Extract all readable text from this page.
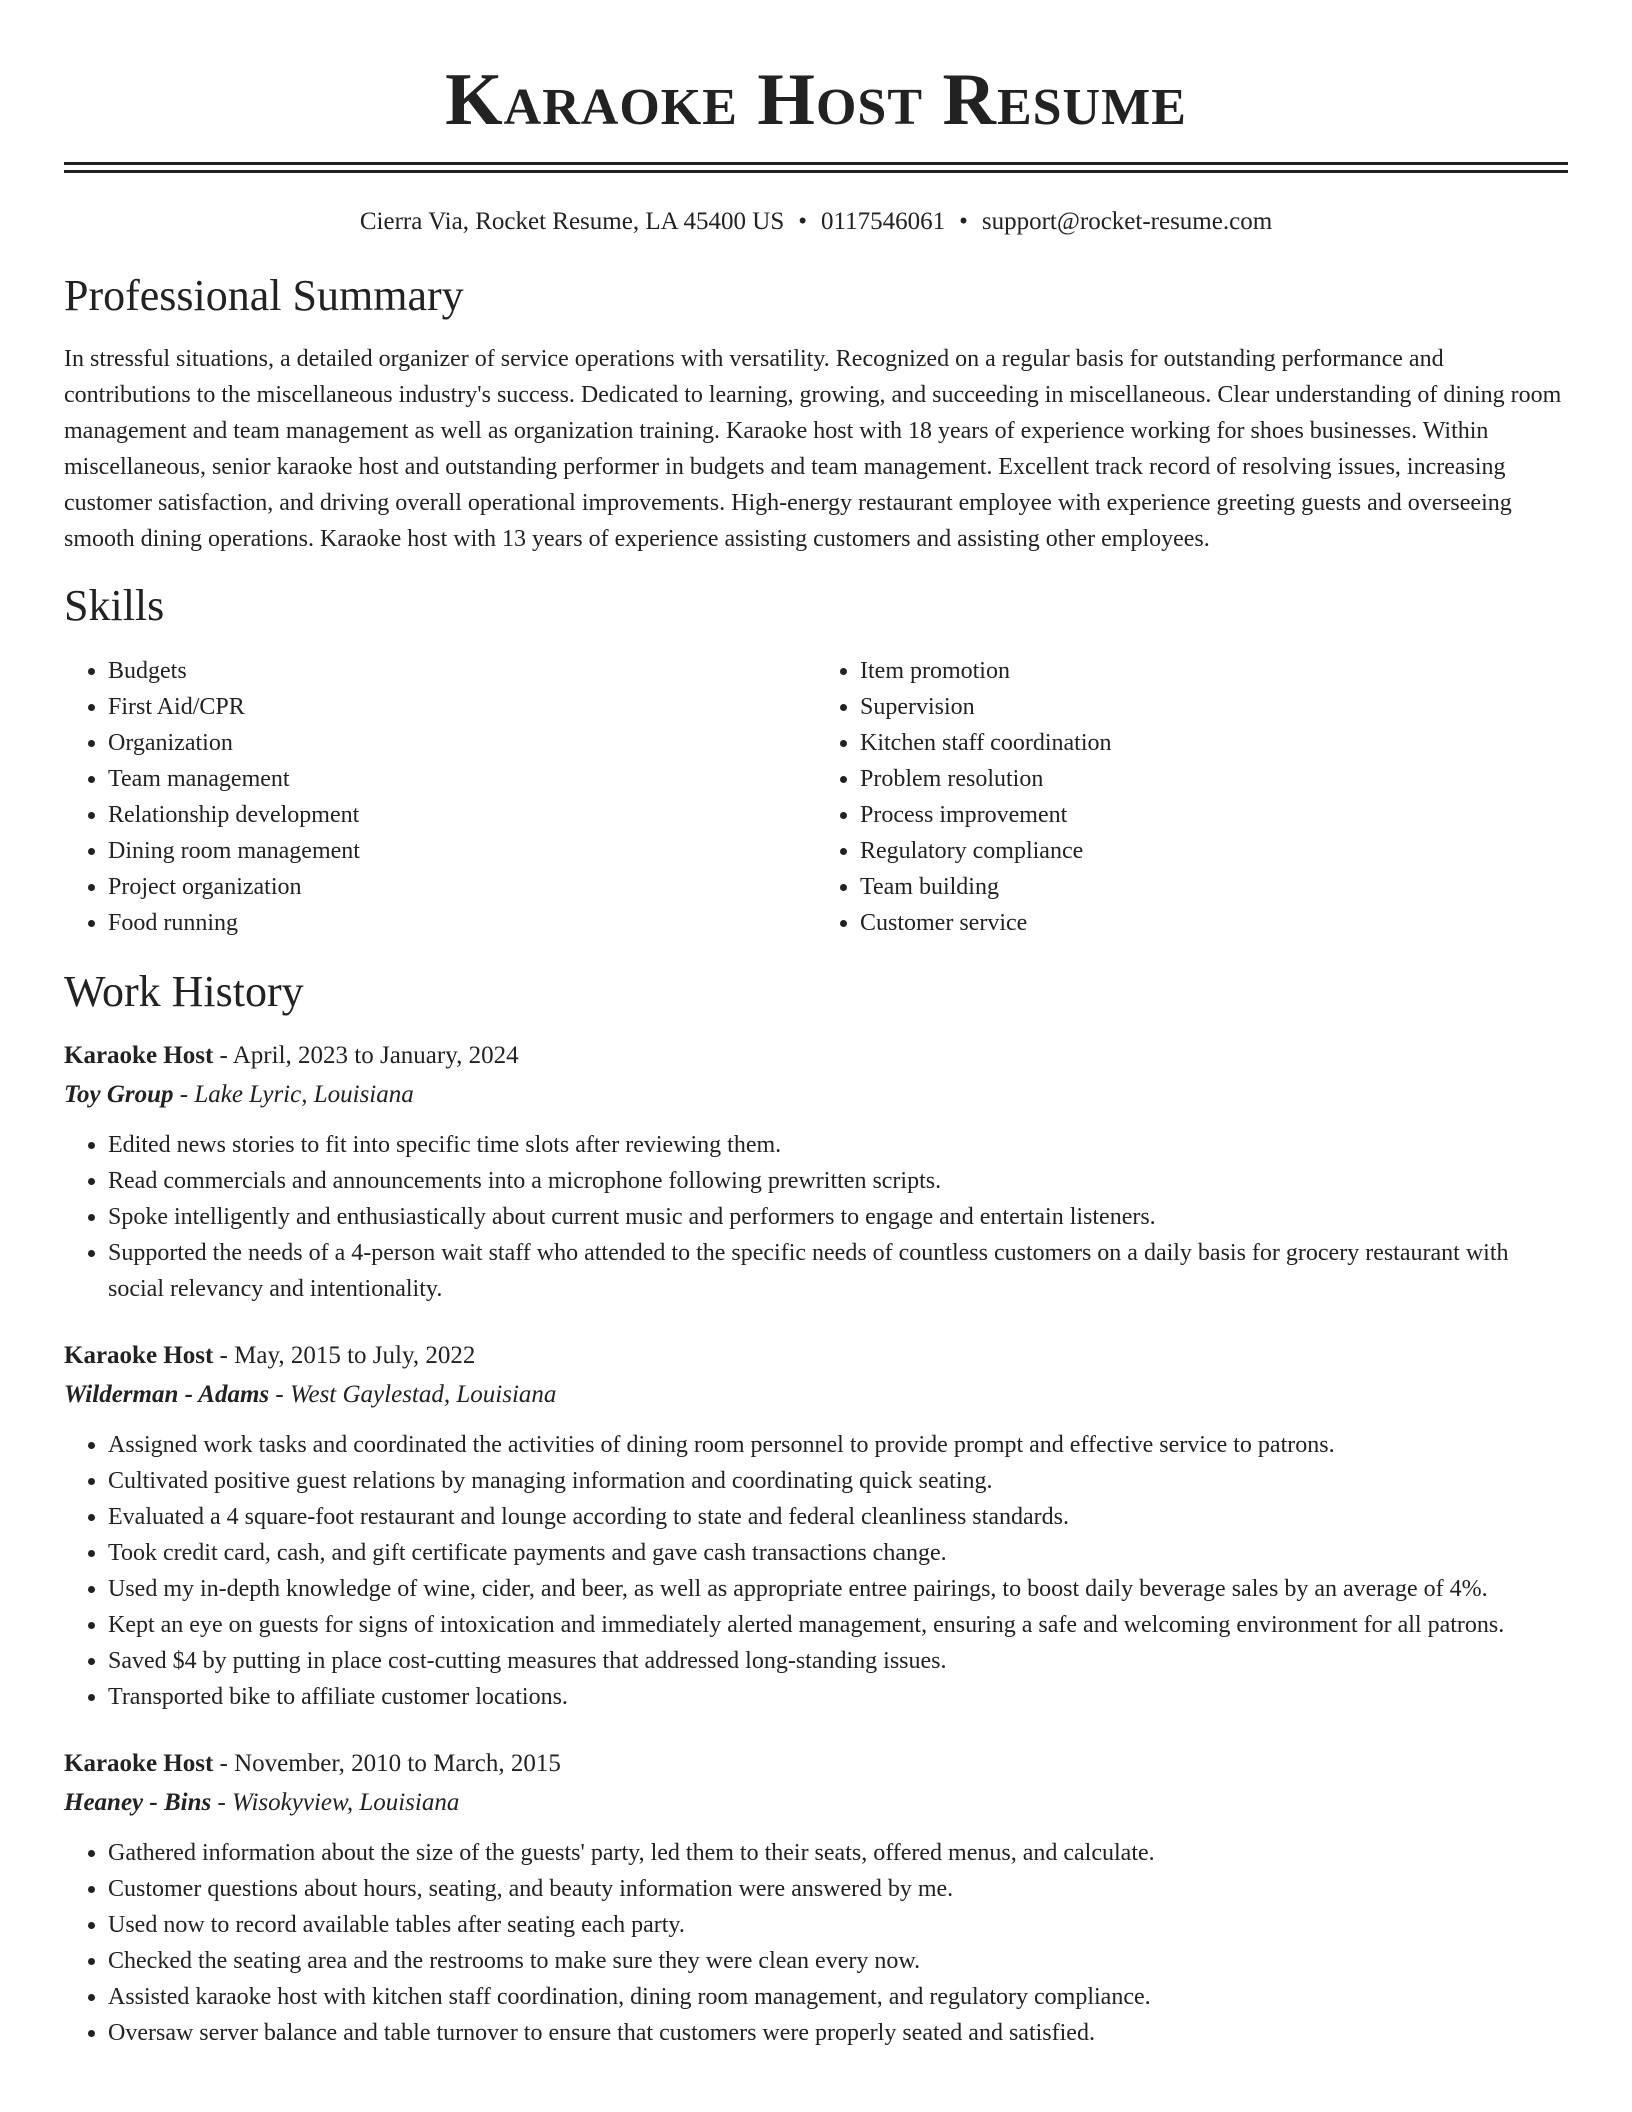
Karaoke Host Resume
Cierra Via, Rocket Resume, LA 45400 US • 0117546061 • support@rocket-resume.com
Professional Summary

In stressful situations, a detailed organizer of service operations with versatility. Recognized on a regular basis for outstanding performance and contributions to the miscellaneous industry's success. Dedicated to learning, growing, and succeeding in miscellaneous. Clear understanding of dining room management and team management as well as organization training. Karaoke host with 18 years of experience working for shoes businesses. Within miscellaneous, senior karaoke host and outstanding performer in budgets and team management. Excellent track record of resolving issues, increasing customer satisfaction, and driving overall operational improvements. High-energy restaurant employee with experience greeting guests and overseeing smooth dining operations. Karaoke host with 13 years of experience assisting customers and assisting other employees.

Skills
• Budgets
• First Aid/CPR
• Organization
• Team management
• Relationship development
• Dining room management
• Project organization
• Food running
• Item promotion
• Supervision
• Kitchen staff coordination
• Problem resolution
• Process improvement
• Regulatory compliance
• Team building
• Customer service
Work History
Karaoke Host - April, 2023 to January, 2024
Toy Group - Lake Lyric, Louisiana
• Edited news stories to fit into specific time slots after reviewing them.
• Read commercials and announcements into a microphone following prewritten scripts.
• Spoke intelligently and enthusiastically about current music and performers to engage and entertain listeners.
• Supported the needs of a 4-person wait staff who attended to the specific needs of countless customers on a daily basis for grocery restaurant with social relevancy and intentionality.
Karaoke Host - May, 2015 to July, 2022
Wilderman - Adams - West Gaylestad, Louisiana
• Assigned work tasks and coordinated the activities of dining room personnel to provide prompt and effective service to patrons.
• Cultivated positive guest relations by managing information and coordinating quick seating.
• Evaluated a 4 square-foot restaurant and lounge according to state and federal cleanliness standards.
• Took credit card, cash, and gift certificate payments and gave cash transactions change.
• Used my in-depth knowledge of wine, cider, and beer, as well as appropriate entree pairings, to boost daily beverage sales by an average of 4%.
• Kept an eye on guests for signs of intoxication and immediately alerted management, ensuring a safe and welcoming environment for all patrons.
• Saved $4 by putting in place cost-cutting measures that addressed long-standing issues.
• Transported bike to affiliate customer locations.
Karaoke Host - November, 2010 to March, 2015
Heaney - Bins - Wisokyview, Louisiana
• Gathered information about the size of the guests' party, led them to their seats, offered menus, and calculate.
• Customer questions about hours, seating, and beauty information were answered by me.
• Used now to record available tables after seating each party.
• Checked the seating area and the restrooms to make sure they were clean every now.
• Assisted karaoke host with kitchen staff coordination, dining room management, and regulatory compliance.
• Oversaw server balance and table turnover to ensure that customers were properly seated and satisfied.
